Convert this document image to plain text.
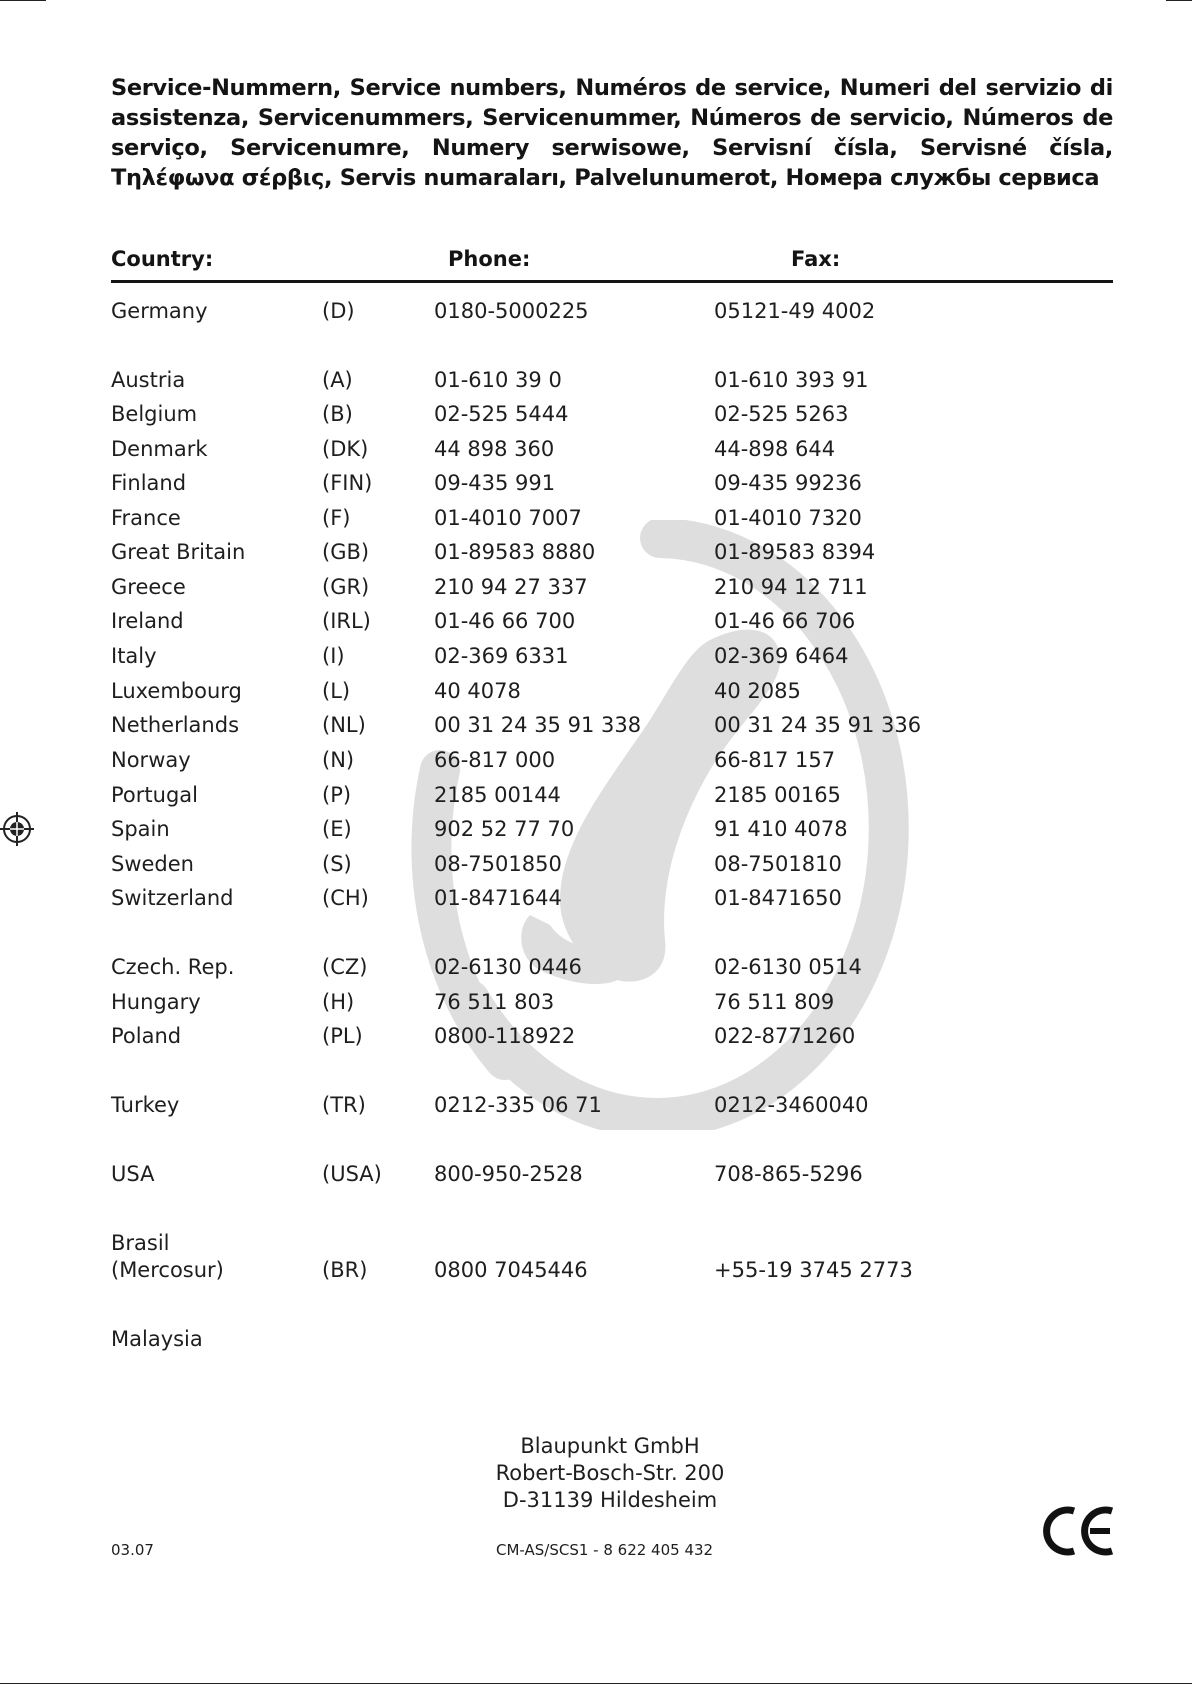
Service-Nummern, Service numbers, Numéros de service, Numeri del servizio di assistenza, Servicenummers, Servicenummer, Números de servicio, Números de serviço, Servicenumre, Numery serwisowe, Servisní čísla, Servisné čísla, Τηλέφωνα σέρβις, Servis numaraları, Palvelunumerot, Номера службы сервиса
Country:	Phone:	Fax:
Germany	(D)	0180-5000225	05121-49 4002
Austria	(A)	01-610 39 0	01-610 393 91
Belgium	(B)	02-525 5444	02-525 5263
Denmark	(DK)	44 898 360	44-898 644
Finland	(FIN)	09-435 991	09-435 99236
France	(F)	01-4010 7007	01-4010 7320
Great Britain	(GB)	01-89583 8880	01-89583 8394
Greece	(GR)	210 94 27 337	210 94 12 711
Ireland	(IRL)	01-46 66 700	01-46 66 706
Italy	(I)	02-369 6331	02-369 6464
Luxembourg	(L)	40 4078	40 2085
Netherlands	(NL)	00 31 24 35 91 338	00 31 24 35 91 336
Norway	(N)	66-817 000	66-817 157
Portugal	(P)	2185 00144	2185 00165
Spain	(E)	902 52 77 70	91 410 4078
Sweden	(S)	08-7501850	08-7501810
Switzerland	(CH)	01-8471644	01-8471650
Czech. Rep.	(CZ)	02-6130 0446	02-6130 0514
Hungary	(H)	76 511 803	76 511 809
Poland	(PL)	0800-118922	022-8771260
Turkey	(TR)	0212-335 06 71	0212-3460040
USA	(USA) 800-950-2528	708-865-5296
Brasil
(Mercosur)	(BR)	0800 7045446	+55-19 3745 2773
Malaysia
Blaupunkt GmbH
Robert-Bosch-Str. 200
D-31139 Hildesheim
03.07	CM-AS/SCS1 - 8 622 405 432
